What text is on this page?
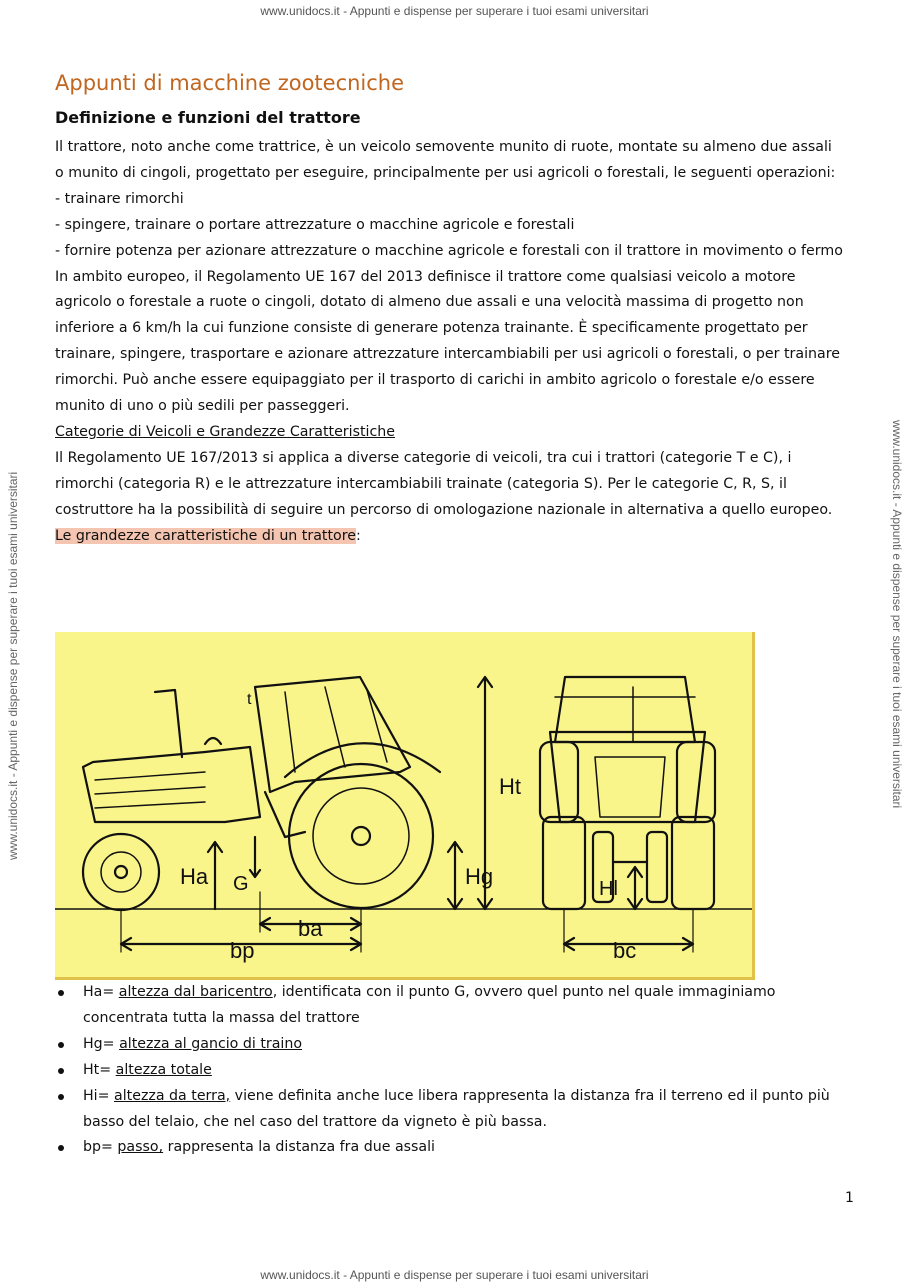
www.unidocs.it - Appunti e dispense per superare i tuoi esami universitari
www.unidocs.it - Appunti e dispense per superare i tuoi esami universitari	www.unidocs.it - Appunti e dispense per superare i tuoi esami universitari
Appunti di macchine zootecniche
Definizione e funzioni del trattore

Il trattore, noto anche come trattrice, è un veicolo semovente munito di ruote, montate su almeno due assali o munito di cingoli, progettato per eseguire, principalmente per usi agricoli o forestali, le seguenti operazioni:

- trainare rimorchi

- spingere, trainare o portare attrezzature o macchine agricole e forestali

- fornire potenza per azionare attrezzature o macchine agricole e forestali con il trattore in movimento o fermo

In ambito europeo, il Regolamento UE 167 del 2013 definisce il trattore come qualsiasi veicolo a motore agricolo o forestale a ruote o cingoli, dotato di almeno due assali e una velocità massima di progetto non inferiore a 6 km/h la cui funzione consiste di generare potenza trainante. È specificamente progettato per trainare, spingere, trasportare e azionare attrezzature intercambiabili per usi agricoli o forestali, o per trainare rimorchi. Può anche essere equipaggiato per il trasporto di carichi in ambito agricolo o forestale e/o essere munito di uno o più sedili per passeggeri.

Categorie di Veicoli e Grandezze Caratteristiche

Il Regolamento UE 167/2013 si applica a diverse categorie di veicoli, tra cui i trattori (categorie T e C), i rimorchi (categoria R) e le attrezzature intercambiabili trainate (categoria S). Per le categorie C, R, S, il costruttore ha la possibilità di seguire un percorso di omologazione nazionale in alternativa a quello europeo.

Le grandezze caratteristiche di un trattore:

Ht
Ha	Hg
G
ba
bp
Hl
bc
t
Ha= altezza dal baricentro, identificata con il punto G, ovvero quel punto nel quale immaginiamo concentrata tutta la massa del trattore
Hg= altezza al gancio di traino
Ht= altezza totale
Hi= altezza da terra, viene definita anche luce libera rappresenta la distanza fra il terreno ed il punto più basso del telaio, che nel caso del trattore da vigneto è più bassa.
bp= passo, rappresenta la distanza fra due assali
1
www.unidocs.it - Appunti e dispense per superare i tuoi esami universitari
